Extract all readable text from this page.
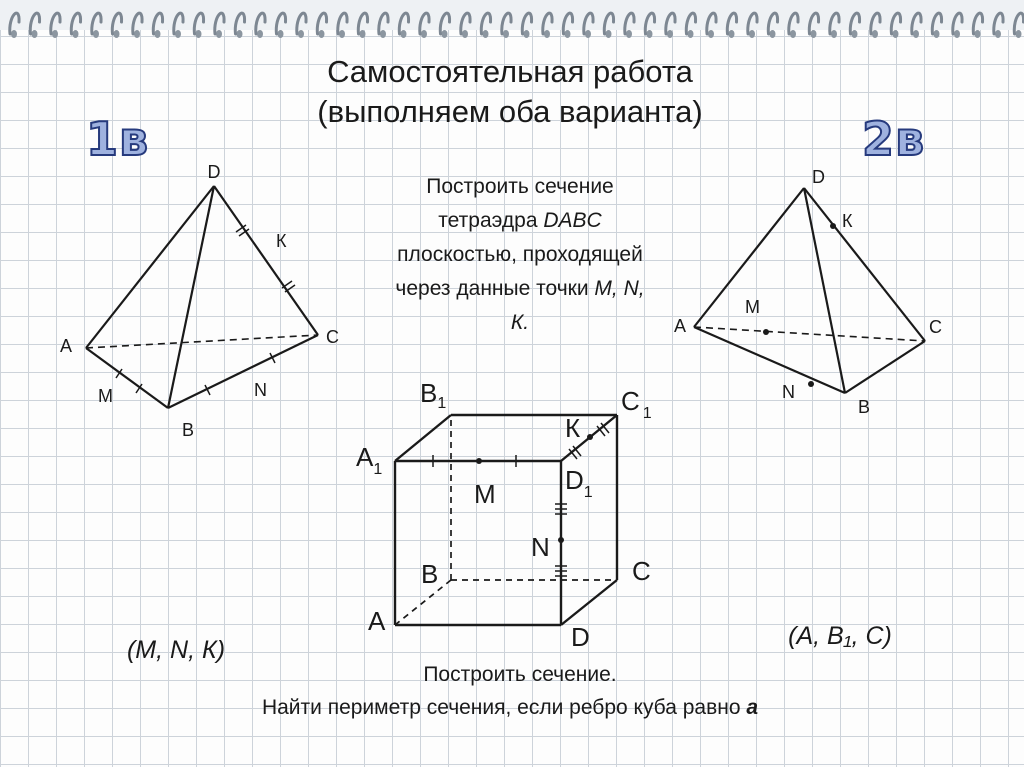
Самостоятельная работа
(выполняем оба варианта)
1в	2в
Построить сечение
тетраэдра DABC
плоскостью, проходящей
через данные точки M, N,
К.
D
A
B
C
К
M	N
D
A
B
C
К
M
N
$B_1$	C $_1$
$A_1$	$D_1$
К
M
N
B	C
A
D
(M, N, К)	(A, B₁, C)
Построить сечение.
Найти периметр сечения, если ребро куба равно а
